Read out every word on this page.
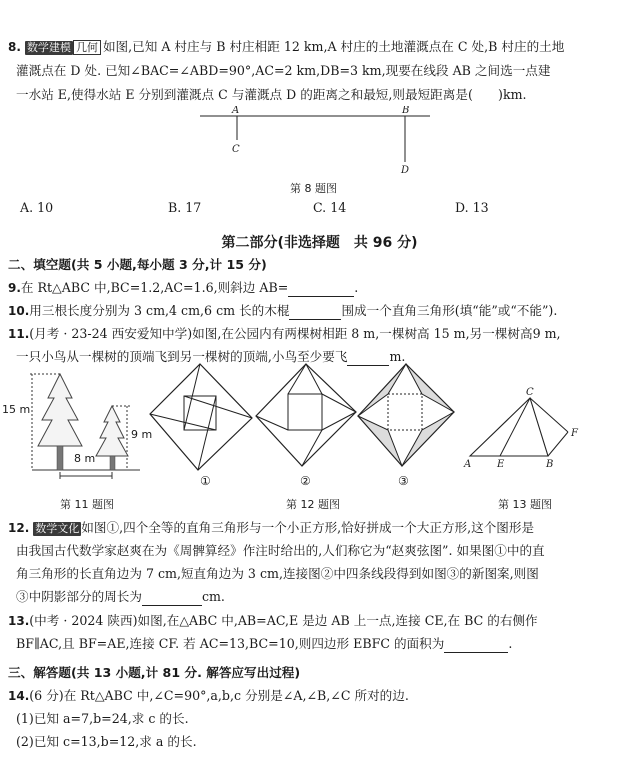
8. 数学建模 几何 如图,已知 A 村庄与 B 村庄相距 12 km,A 村庄的土地灌溉点在 C 处,B 村庄的土地
灌溉点在 D 处. 已知∠BAC=∠ABD=90°,AC=2 km,DB=3 km,现要在线段 AB 之间选一点建
一水站 E,使得水站 E 分别到灌溉点 C 与灌溉点 D 的距离之和最短,则最短距离是(　　)km.
A	B
C
D
第 8 题图
A. 10	B. 17	C. 14	D. 13
第二部分(非选择题　共 96 分)
二、填空题(共 5 小题,每小题 3 分,计 15 分)
9.在 Rt△ABC 中,BC=1.2,AC=1.6,则斜边 AB=	.
10.用三根长度分别为 3 cm,4 cm,6 cm 长的木棍	围成一个直角三角形(填“能”或“不能”).
11.(月考 · 23-24 西安爱知中学)如图,在公园内有两棵树相距 8 m,一棵树高 15 m,另一棵树高9 m,
一只小鸟从一棵树的顶端飞到另一棵树的顶端,小鸟至少要飞	m.
15 m
9 m
8 m
第 11 题图
①	②	③
第 12 题图
A	E	B
C
F
第 13 题图
12. 数学文化 如图①,四个全等的直角三角形与一个小正方形,恰好拼成一个大正方形,这个图形是
由我国古代数学家赵爽在为《周髀算经》作注时给出的,人们称它为“赵爽弦图”. 如果图①中的直
角三角形的长直角边为 7 cm,短直角边为 3 cm,连接图②中四条线段得到如图③的新图案,则图
③中阴影部分的周长为	cm.
13.(中考 · 2024 陕西)如图,在△ABC 中,AB=AC,E 是边 AB 上一点,连接 CE,在 BC 的右侧作
BF∥AC,且 BF=AE,连接 CF. 若 AC=13,BC=10,则四边形 EBFC 的面积为	.
三、解答题(共 13 小题,计 81 分. 解答应写出过程)
14.(6 分)在 Rt△ABC 中,∠C=90°,a,b,c 分别是∠A,∠B,∠C 所对的边.
(1)已知 a=7,b=24,求 c 的长.
(2)已知 c=13,b=12,求 a 的长.
